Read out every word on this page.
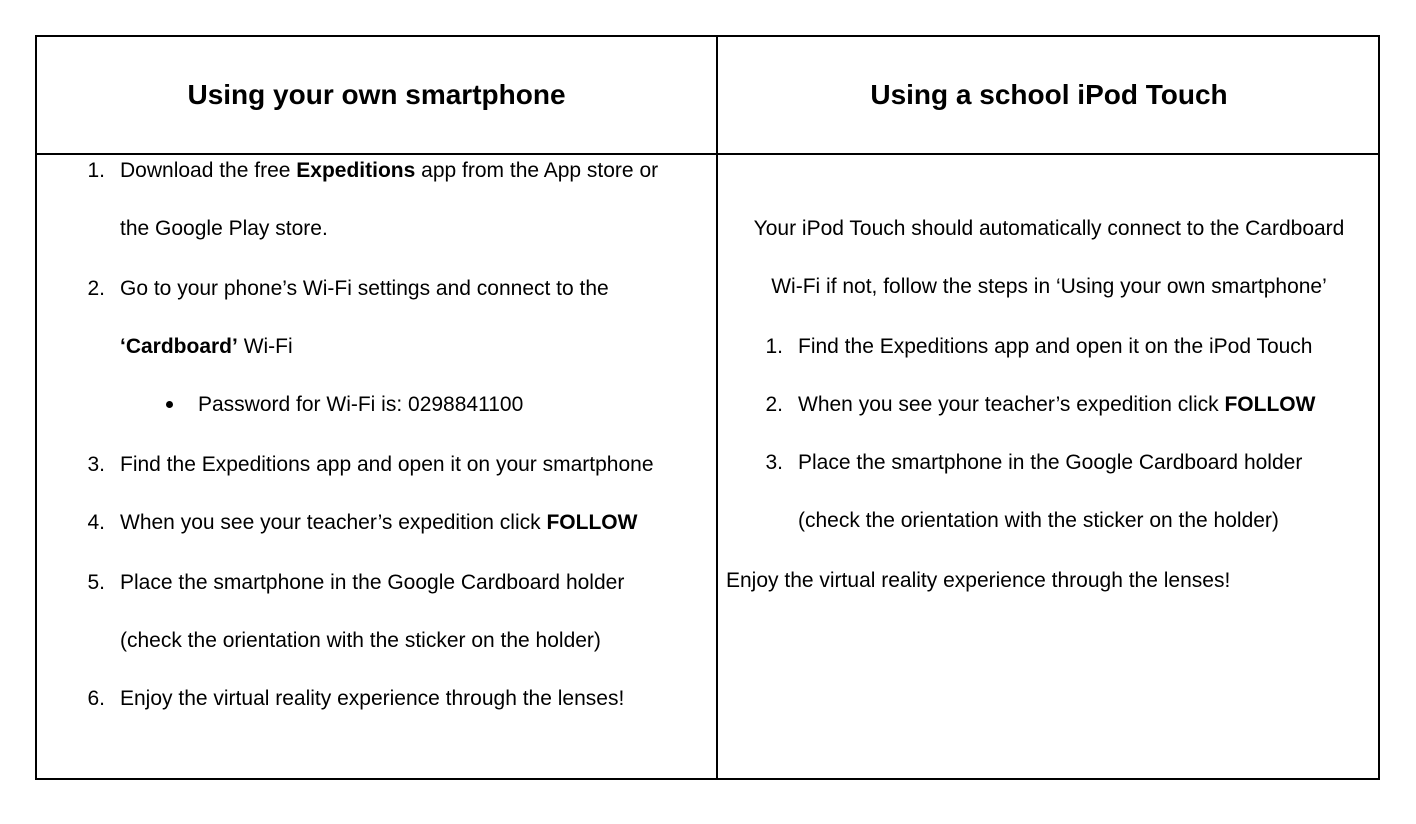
Using your own smartphone	Using a school iPod Touch
1. Download the free Expeditions app from the App store or
the Google Play store.
2. Go to your phone’s Wi-Fi settings and connect to the
‘Cardboard’ Wi-Fi
Password for Wi-Fi is: 0298841100
3. Find the Expeditions app and open it on your smartphone
4. When you see your teacher’s expedition click FOLLOW
5. Place the smartphone in the Google Cardboard holder
(check the orientation with the sticker on the holder)
6. Enjoy the virtual reality experience through the lenses!
Your iPod Touch should automatically connect to the Cardboard
Wi-Fi if not, follow the steps in ‘Using your own smartphone’
1. Find the Expeditions app and open it on the iPod Touch
2. When you see your teacher’s expedition click FOLLOW
3. Place the smartphone in the Google Cardboard holder
(check the orientation with the sticker on the holder)
Enjoy the virtual reality experience through the lenses!
